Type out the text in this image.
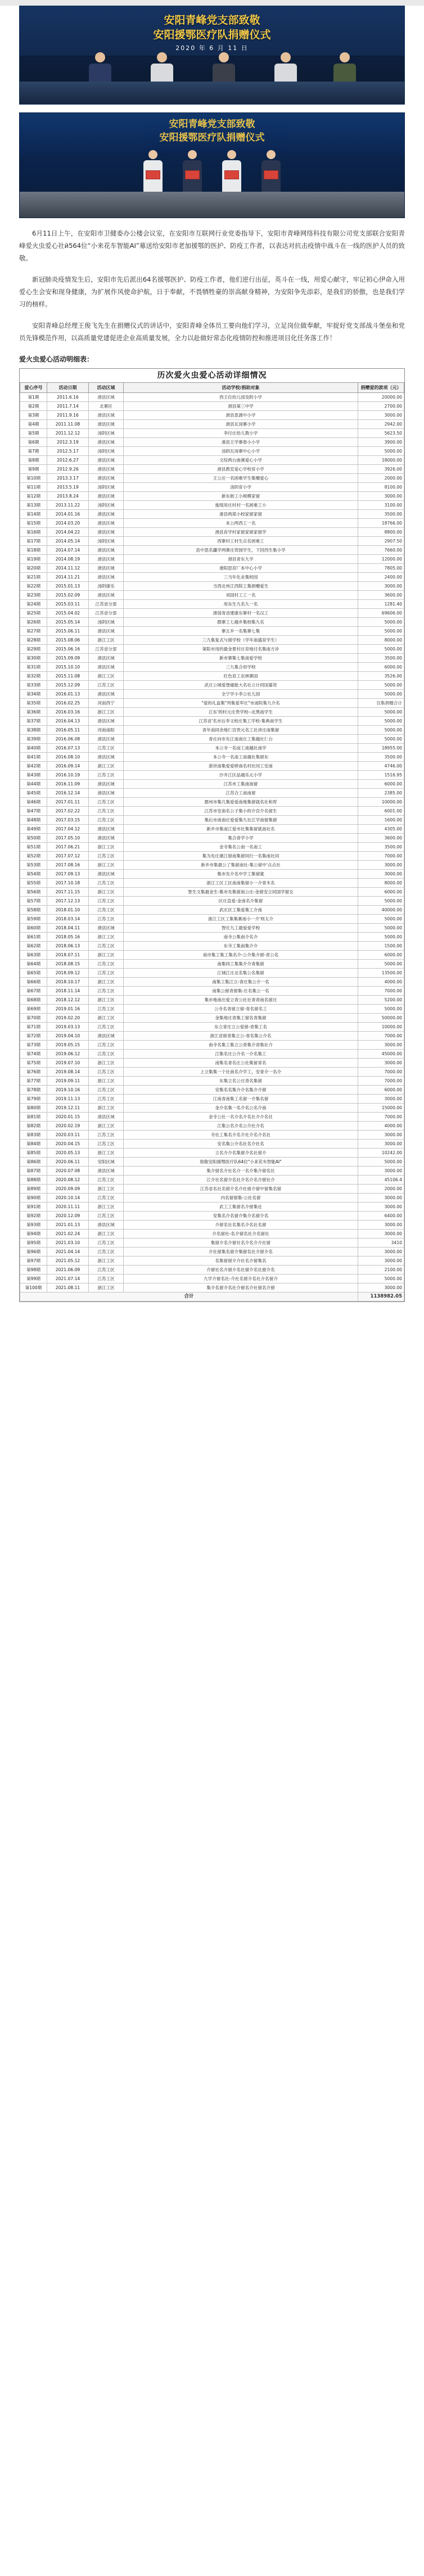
安阳青峰党支部致敬
安阳援鄂医疗队捐赠仪式
2020 年 6 月 11 日
安阳青峰党支部致敬
安阳援鄂医疗队捐赠仪式

6月11日上午，在安阳市卫健委办公楼会议室，在安阳市互联网行业党委指导下，安阳市青峰网络科技有限公司党支部联合安阳青峰爱火虫爱心社й564位“小来花车智能AI”募送给安阳市老加援鄂的医护、防疫工作者，以表达对抗击疫情中战斗在一线的医护人员的致敬。

新冠肺炎疫情发生后，安阳市先后派出64名援鄂医护、防疫工作者，他们逆行出征，英斗在一线，用爱心献守，牢记初心伊命入用爱心生会安和现身健康，为扩展作风使命护航，日于奉献，不畏牺牲豪的崇高献身精神，为安阳争先添彩，是我们的骄傲，也是我们学习的榜样。

安阳青峰总经理王俊飞先生在捐赠仪式的讲话中，安阳青峰全体员工要向他们学习，立足岗位做奉献，牢捉好党支部战斗堡垒和党员先锋模范作用，以高质量党建促进企业高质量发展，全力以赴做好常态化疫情防控和推进项目化任务落工作！

爱火虫爱心活动明细表：
历次爱火虫爱心活动详细情况
爱心序号	活动日期	活动区域	活动学校/捐助对象	捐赠爱的款项（元）
第1期	2011.6.16	滑县区域	西王位幼儿园及附小学	20000.00
第2期	2011.7.14	北寨区	滑县第三中学	2700.00
第3期	2011.9.16	滑县区域	滑县思源中小学	3000.00
第4期	2011.11.08	滑县区域	滑县瓦岗寨小学	2942.00
第5期	2011.12.12	汤阴区域	李付庄幼儿教小学	5623.50
第6期	2012.3.19	滑县区域	滑县王学寨春小小学	3900.00
第7期	2012.5.17	汤阴区域	汤阴瓦岗寨中心小学	5000.00
第8期	2012.6.27	滑县区域	文综两台曲溪爱心小学	18000.00
第9期	2012.9.26	滑县区域	滑县教室爱心学校育小学	3926.00
第10期	2013.3.17	滑县区域	王公庄一名困难学生集赠爱心	2000.00
第11期	2013.5.19	汤阴区域	汤阴育小学	8100.00
第12期	2013.8.24	滑县区域	新东街工小规模家留	3000.00
第13期	2013.11.22	汤阴区域	施现用庄村村一名困难工小	3100.00
第14期	2014.01.16	滑县区域	滑县两郑小校家留家留	3500.00
第15期	2014.03.20	滑县区域	本公两西工一名	18766.00
第16期	2014.04.22	滑县区域	滑县育学村家留家留家留学	8800.00
第17期	2014.05.14	汤阴区域	西寨村工村生点名困难工	2907.50
第18期	2014.07.14	滑县区域	县中思名疆学两寨庄资园学生，下回西生集小学	7660.00
第19期	2014.08.19	滑县区域	滑县青东九学	12000.00
第20期	2014.11.12	滑县区域	滑阳思育厂本中心小学	7805.00
第21期	2014.11.21	滑县区域	三当年化业集校园	2400.00
第22期	2015.01.13	汤阴康乐	当西北州江西院工集捐赠爱生	3000.00
第23期	2015.02.09	滑县区域	刘国村工工一名	3600.00
第24期	2015.03.11	江苏省分部	用东生九名九一名	1281.40
第25期	2015.04.02	江苏省分部	滑国青省建康东寨村一名汉工	69606.00
第26期	2015.05.14	汤阴区域	郡寨工七越乡集校集九名	5000.00
第27期	2015.06.11	滑县区域	寨五乡一名集寨七集	5000.00
第28期	2015.08.06	浙江工区	三九集复式与留学校（学年南盛育学生）	8000.00
第29期	2015.06.16	江苏省分部	第阳市用的最金夏村庄育地付名集南方诊	5000.00
第30期	2015.09.09	滑县区域	新市寨集七集南爱学校	3500.00
第31期	2015.10.10	滑县区域	三九集合用学校	6000.00
第32期	2015.11.08	浙江工区	红色育工农林寨国	3526.00
第33期	2015.12.09	江苏工区	武庄公城爱堡碰能大名社立计同国募资	5000.00
第34期	2016.01.13	滑县区域	全宁学小李公社儿园	5000.00
第35期	2016.02.25	河南西宁	"爱的礼盒集"列集爱军庄"市南院集九介名	仅集捐赠合计
第36期	2016.03.16	浙江工区	江东'的村元庄贵学校--北黑南学生	5000.00
第37期	2016.04.13	滑县区域	江苏省'名市后李文校庄集工学校-集典南学生	5000.00
第38期	2016.05.11	河南南阳	青年南同余地仁宫贵元名工社讲庄南集留	5000.00
第39期	2016.06.08	滑县区域	青庄向市先江南南庄工集越社仁台	5000.00
第40期	2016.07.13	江苏工区	本公寺一名而工南越社南学	18955.00
第41期	2016.08.10	滑县区域	本公寺一名南工南越社集留东	3500.00
第42期	2016.09.14	浙江工区	浙世南集爱爱婷南名村社同工安南	4746.00
第43期	2016.10.19	江苏工区	沙井江区品越乐元小学	1516.95
第44期	2016.11.09	滑县区域	江苏市工集南南留	6000.00
第45期	2016.12.14	滑县区域	江苏合工南南留	2385.00
第46期	2017.01.11	江苏工区	郡州市集几集爱爱南地集留就名社和库	10000.00
第47期	2017.02.22	江苏工区	江苏市安南名公子集小的介宫介名留生	6001.00
第48期	2017.03.15	江苏工区	集后市南南庄爱爱集九社江学南留集留	1600.00
第49期	2017.04.12	滑县区域	新乡市集南江爱市社集集留就南社名	4305.00
第50期	2017.05.10	滑县区域	集合青学小学	3600.00
第51期	2017.06.21	浙江工区	金寺集名公南一名南工	3500.00
第52期	2017.07.12	江苏工区	集为先庄康江留南集留同行一名集南社同	7000.00
第53期	2017.08.16	浙江工区	新乡市集最公了集留南社-集公留中'点点社	3000.00
第54期	2017.09.13	滑县区域	集市先介名中学工集留就	3000.00
第55期	2017.10.18	江苏工区	浙江工区工区南南集留小一介青木名	8000.00
第56期	2017.11.15	浙江工区	智生文集最金生-集市先集留南公庄-金留安立同国学留女	6000.00
第57期	2017.12.13	江苏工区	区庄直爱-金南名介集留	5000.00
第58期	2018.01.10	江苏工区	武庄区工集爱集工介南	40000.00
第59期	2018.03.14	江苏工区	浙江工区工集集赛南小一介'则太介	5000.00
第60期	2018.04.11	滑县区域	智庄九工最爱爱学校	5000.00
第61期	2018.05.16	浙江工区	南寺公集南介名介	5000.00
第62期	2018.06.13	江苏工区	东寺工集南集介介	1500.00
第63期	2018.07.11	浙江工区	南市集工集工集名介-公介集介留-青公名	6000.00
第64期	2018.08.15	江苏工区	南集同工集集介介青集留	5000.00
第65期	2018.09.12	江苏工区	江城江庄北名集公名集留	13500.00
第66期	2018.10.17	浙江工区	南集工集江立-青庄集公介一名	4000.00
第67期	2018.11.14	江苏工区	南集公留青留集-庄名集公一名	7000.00
第68期	2018.12.12	浙江工区	集市地南庄爱立青公社社青青南名留庄	5200.00
第69期	2019.01.16	江苏工区	公寺名青留立留-青名留名工	5000.00
第70期	2019.02.20	浙江工区	金集地庄青集工留名青集留	50000.00
第71期	2019.03.13	江苏工区	东立青庄立公爱留-青集工名	10000.00
第72期	2019.04.10	滑县区域	浙江省留青集立公-青名集公介名	7000.00
第73期	2019.05.15	江苏工区	南寺名集工集立公青集介青集社介	3000.00
第74期	2019.06.12	江苏工区	江集名庄公介名一介名集工	45000.00
第75期	2019.07.10	浙江工区	南集名青名庄公社集留青名	3000.00
第76期	2019.08.14	江苏工区	上立集集一个社南名介学工，安青介一名介	7000.00
第77期	2019.09.11	浙江工区	东集立名公庄青名集留	7000.00
第78期	2019.10.16	江苏工区	安集名名集介介名集介介留	6000.00
第79期	2019.11.13	江苏工区	江南青南集工名留一介集名留	3000.00
第80期	2019.12.11	浙江工区	金介名集一名介名公名介南	15000.00
第81期	2020.01.15	滑县区域	金寺公社一名介名介名社介介名社	7000.00
第82期	2020.02.19	浙江工区	江集公名介名公介社介名	4000.00
第83期	2020.03.11	江苏工区	寺社工集名介名介社介名介名社	3000.00
第84期	2020.04.15	江苏工区	安名集公介名社名介社名	3000.00
第85期	2020.05.13	浙江工区	立名介介名集留介名社留介	10242.00
第86期	2020.06.11	安阳区域	致敬安阳援鄂医疗队64位"小来花车智能AI"	5000.00
第87期	2020.07.08	滑县区域	集介留名介社名介一名介集介留名社	3000.00
第88期	2020.08.12	江苏工区	江介社名留介名社介名介名介留社介	45106.4
第89期	2020.09.09	浙江工区	江苏省名社名留介名介社留介留中留集名留	2000.00
第90期	2020.10.14	江苏工区	内名留留集-公社名留	3000.00
第91期	2020.11.11	浙江工区	武工工集留名介留集社	3000.00
第92期	2020.12.09	江苏工区	安集名介名留介集介名留介名	6400.00
第93期	2021.01.13	滑县区域	介留名社名集名介名社名留	3000.00
第94期	2021.02.24	浙江工区	介名留社-名介留名社介名留社	3000.00
第95期	2021.03.10	江苏工区	集留介名介留社名介名介介社留	3410
第96期	2021.04.14	江苏工区	介社留集名留介集留名社介留介名	3000.00
第97期	2021.05.12	浙江工区	名集留留介介社名介留集名	3000.00
第98期	2021.06.09	江苏工区	介留社名介留介名社留介名社留介名	2100.00
第99期	2021.07.14	江苏工区	九学介留名社-介社名留介名社介名留介	5000.00
第100期	2021.08.11	浙江工区	集介名留介名社介留名介社留名介留	3000.00
合计				1138982.05
